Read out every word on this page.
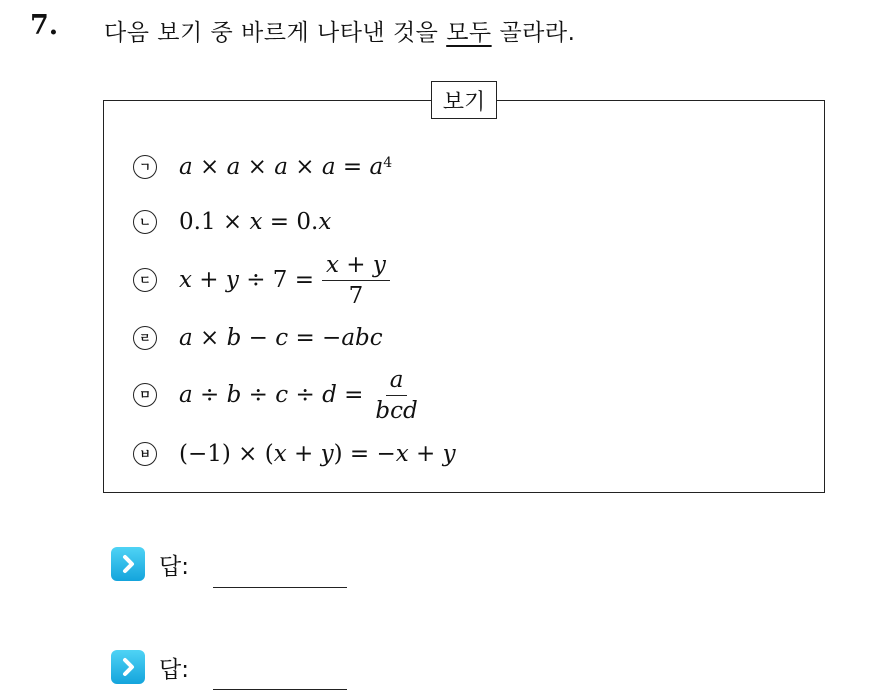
7. 다음 보기 중 바르게 나타낸 것을 모두 골라라.
보기
ㄱ $a \times a \times a \times a = a^4$
ㄴ 0.1 × x = 0. x
ㄷ $x + y \div 7 = \frac{x + y}{7}$
ㄹ a × b − c = − abc
ㅁ $a \div b \div c \div d = \frac{a}{\text{bcd}}$
ㅂ (−1) × ( x + y ) = − x + y
답:
답:
